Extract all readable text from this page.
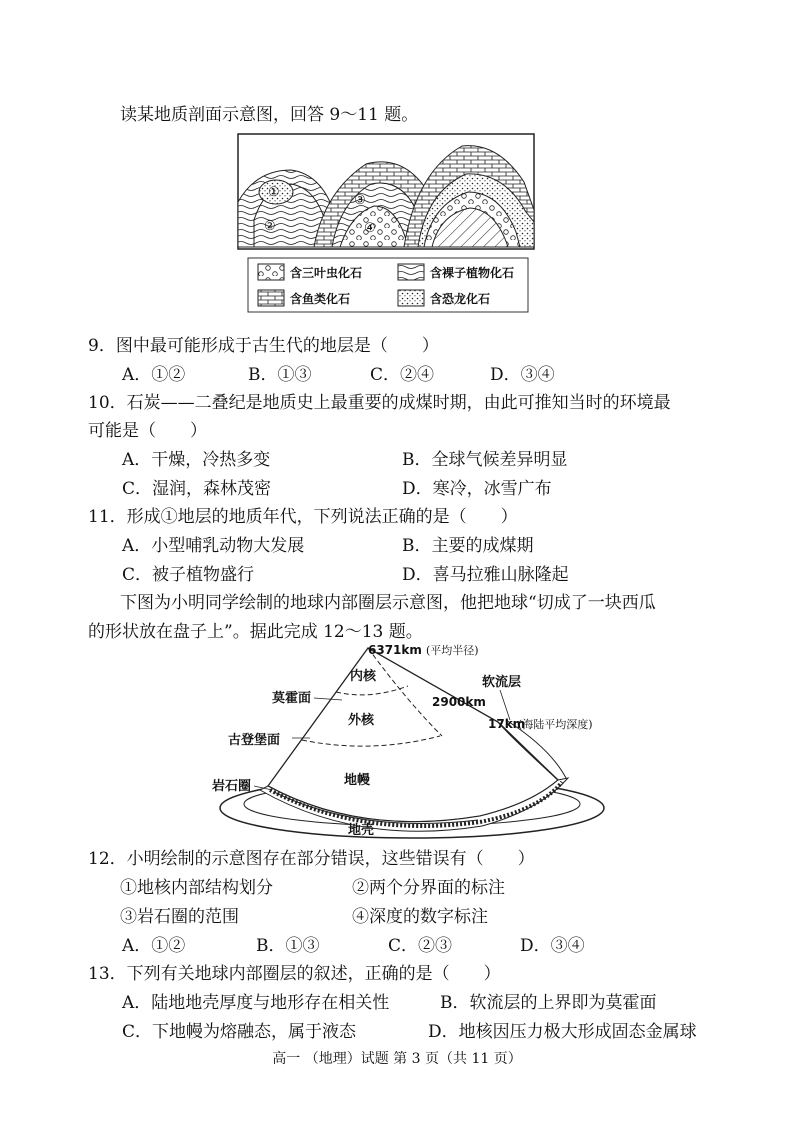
读某地质剖面示意图，回答 9～11 题。
①
②
③
④
含三叶虫化石	含裸子植物化石
含鱼类化石	含恐龙化石
9．图中最可能形成于古生代的地层是（　　）
A．①②	B．①③	C．②④	D．③④
10．石炭——二叠纪是地质史上最重要的成煤时期，由此可推知当时的环境最
可能是（　　）
A．干燥，冷热多变	B．全球气候差异明显
C．湿润，森林茂密	D．寒冷，冰雪广布
11．形成①地层的地质年代，下列说法正确的是（　　）
A．小型哺乳动物大发展	B．主要的成煤期
C．被子植物盛行	D．喜马拉雅山脉隆起
下图为小明同学绘制的地球内部圈层示意图，他把地球“切成了一块西瓜
的形状放在盘子上”。据此完成 12～13 题。
6371km (平均半径)
内核
外核
地幔
地壳
莫霍面
古登堡面
岩石圈
软流层
2900km
17km
(海陆平均深度)
12．小明绘制的示意图存在部分错误，这些错误有（　　）
①地核内部结构划分	②两个分界面的标注
③岩石圈的范围	④深度的数字标注
A．①②	B．①③	C．②③	D．③④
13．下列有关地球内部圈层的叙述，正确的是（　　）
A．陆地地壳厚度与地形存在相关性	B．软流层的上界即为莫霍面
C．下地幔为熔融态，属于液态	D．地核因压力极大形成固态金属球
高一 （地理）试题 第 3 页（共 11 页）
